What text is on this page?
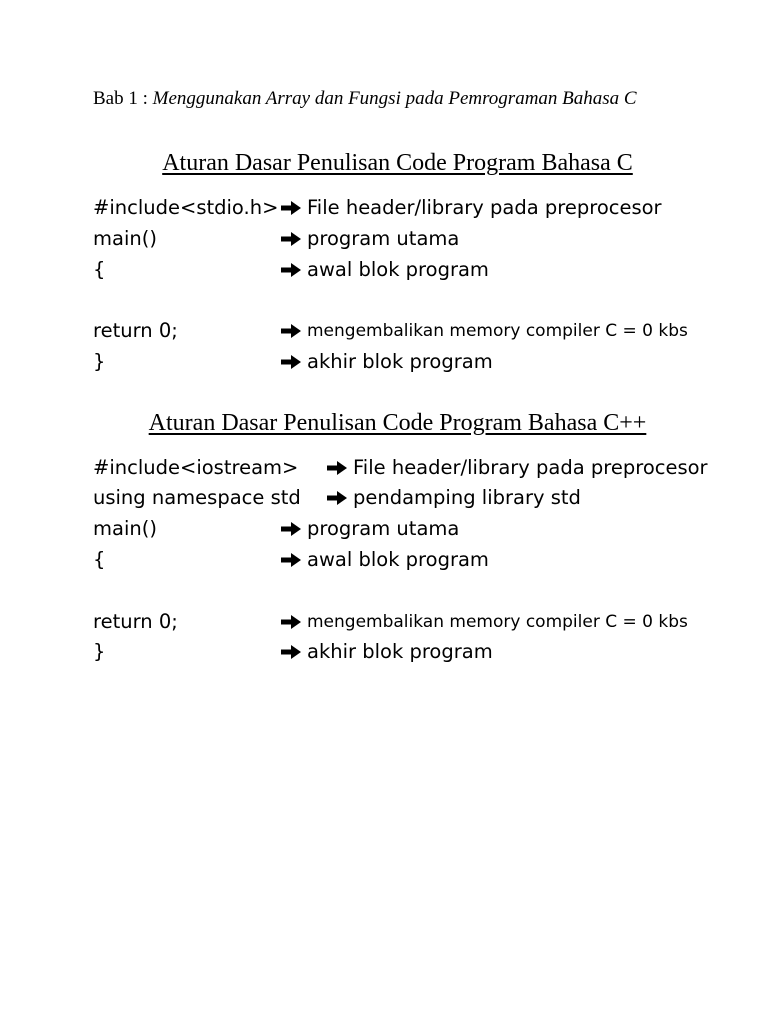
Bab 1 : Menggunakan Array dan Fungsi pada Pemrograman Bahasa C
Aturan Dasar Penulisan Code Program Bahasa C
#include<stdio.h> File header/library pada preprocesor
main()	program utama
{	awal blok program
return 0;	mengembalikan memory compiler C = 0 kbs
}	akhir blok program
Aturan Dasar Penulisan Code Program Bahasa C++
#include<iostream>	File header/library pada preprocesor
using namespace std	pendamping library std
main()	program utama
{	awal blok program
return 0;	mengembalikan memory compiler C = 0 kbs
}	akhir blok program
